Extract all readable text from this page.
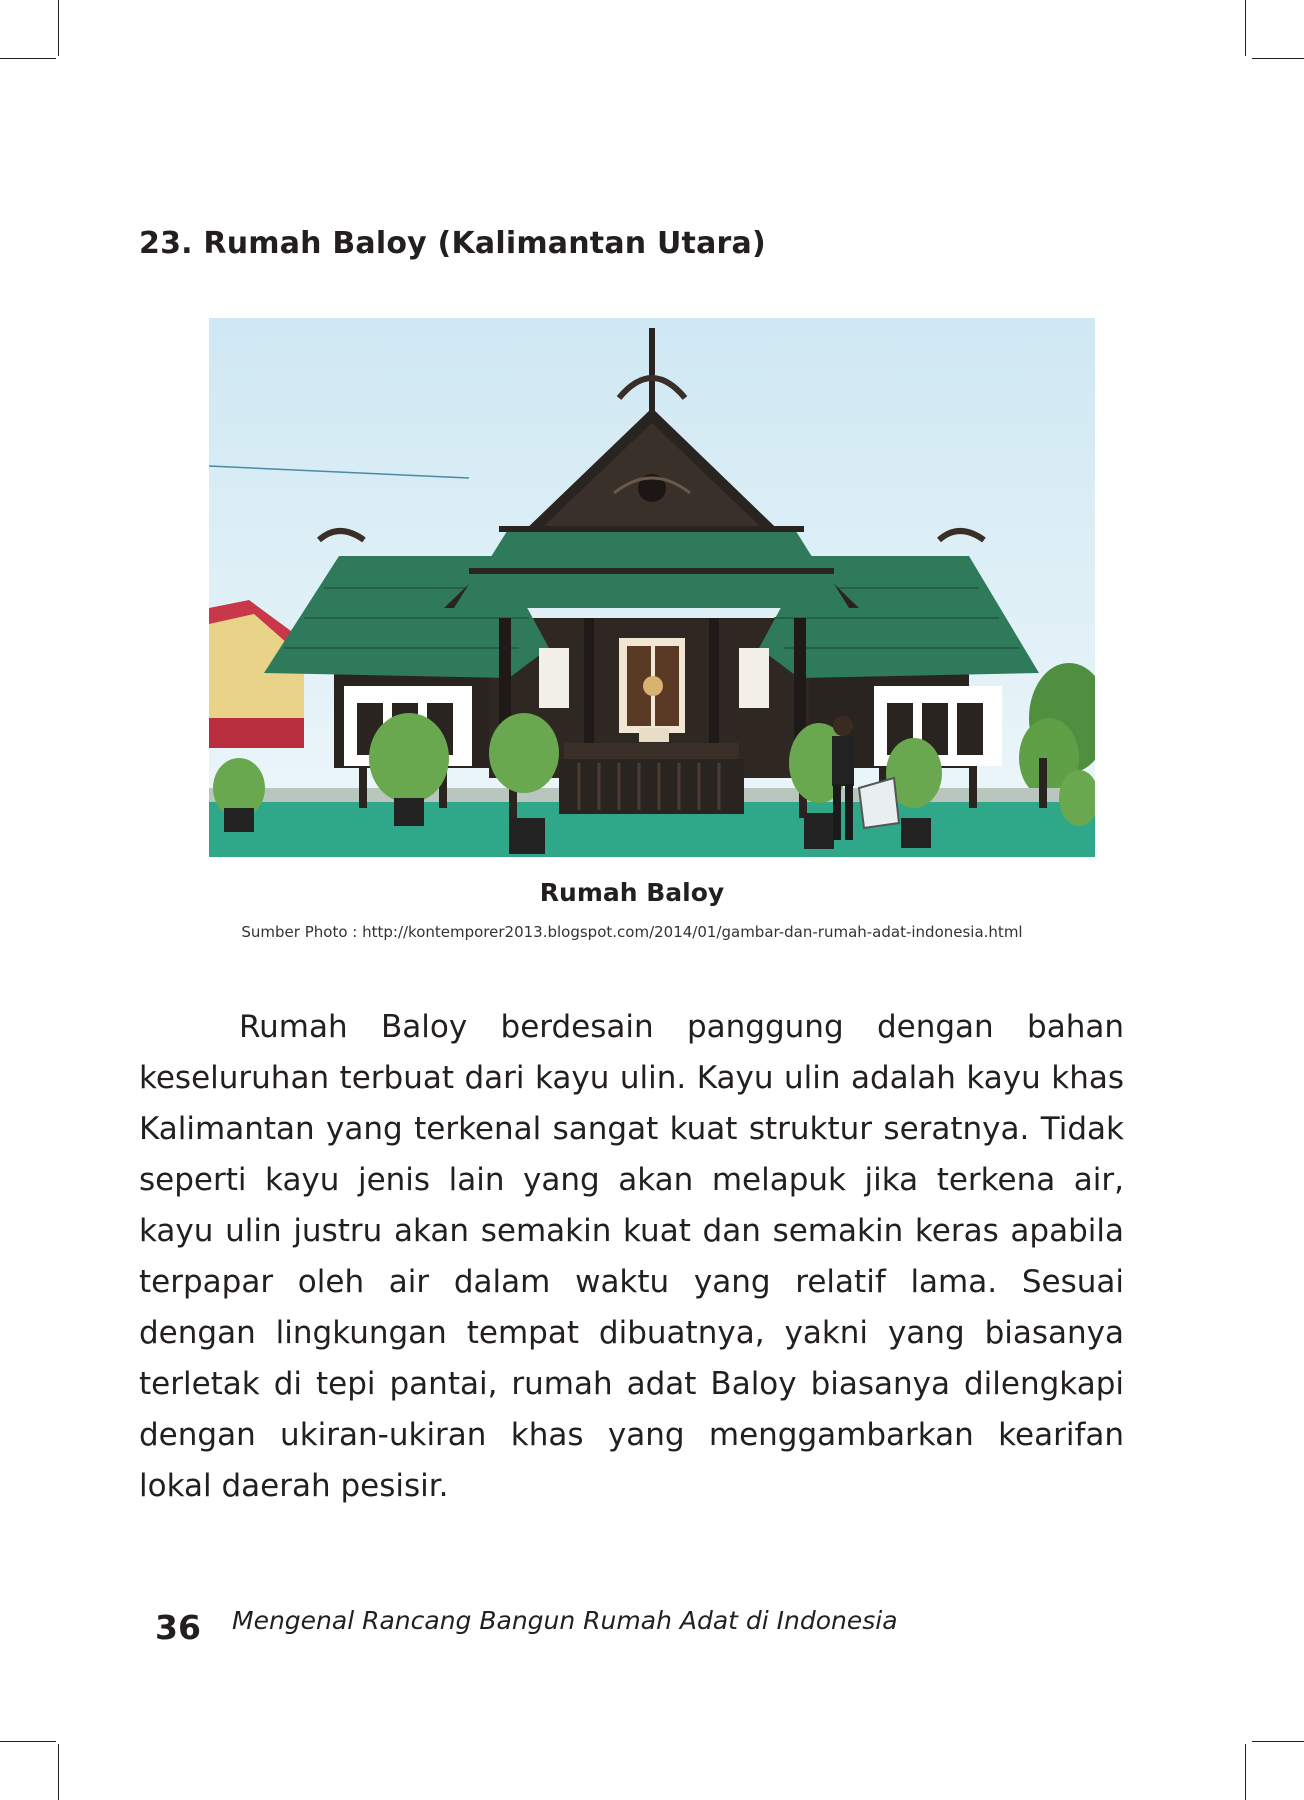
23. Rumah Baloy (Kalimantan Utara)
Rumah Baloy
Sumber Photo : http://kontemporer2013.blogspot.com/2014/01/gambar-dan-rumah-adat-indonesia.html

Rumah Baloy berdesain panggung dengan bahan keseluruhan terbuat dari kayu ulin. Kayu ulin adalah kayu khas Kalimantan yang terkenal sangat kuat struktur seratnya. Tidak seperti kayu jenis lain yang akan melapuk jika terkena air, kayu ulin justru akan semakin kuat dan semakin keras apabila terpapar oleh air dalam waktu yang relatif lama. Sesuai dengan lingkungan tempat dibuatnya, yakni yang biasanya terletak di tepi pantai, rumah adat Baloy biasanya dilengkapi dengan ukiran-ukiran khas yang menggambarkan kearifan lokal daerah pesisir.

36 Mengenal Rancang Bangun Rumah Adat di Indonesia
